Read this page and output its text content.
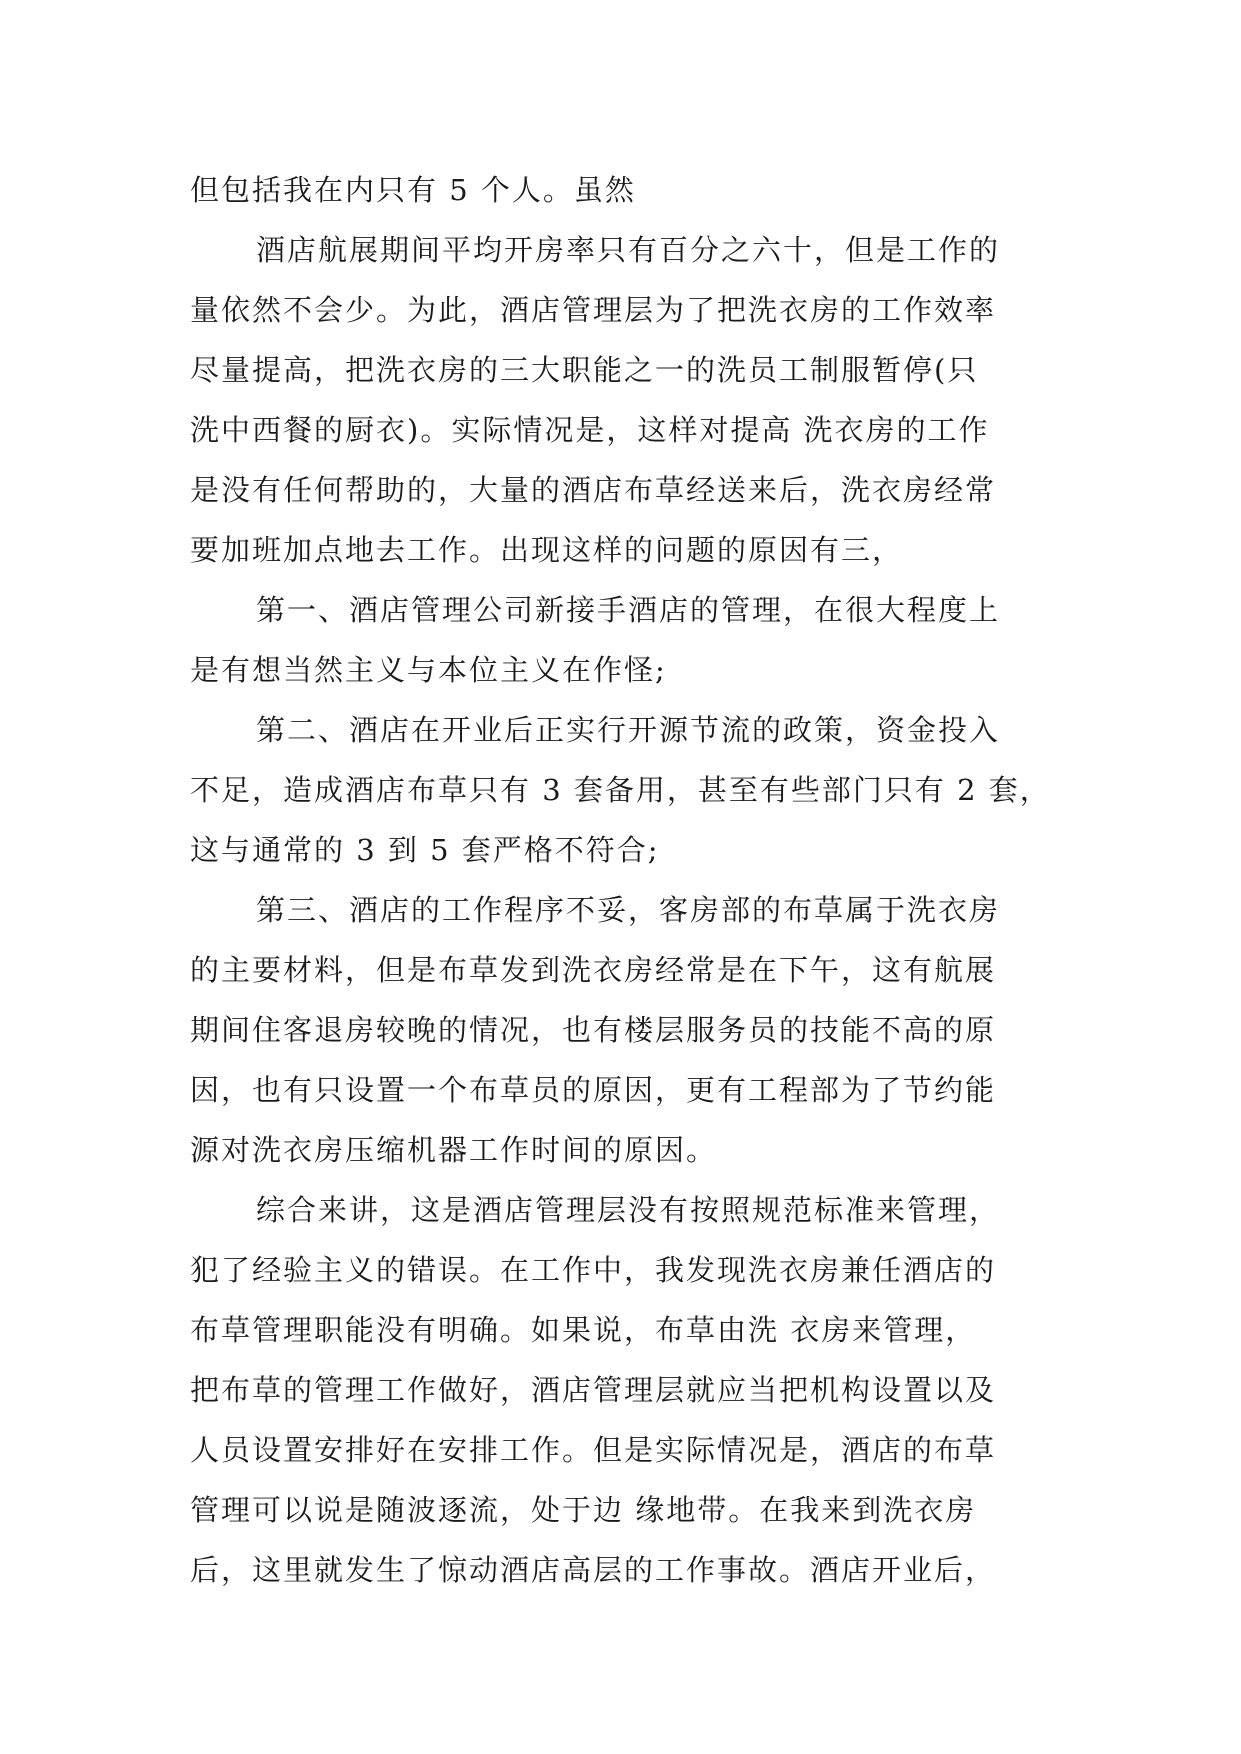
但包括我在内只有 5 个人。虽然
酒店航展期间平均开房率只有百分之六十，但是工作的
量依然不会少。为此，酒店管理层为了把洗衣房的工作效率
尽量提高，把洗衣房的三大职能之一的洗员工制服暂停(只
洗中西餐的厨衣)。实际情况是，这样对提高 洗衣房的工作
是没有任何帮助的，大量的酒店布草经送来后，洗衣房经常
要加班加点地去工作。出现这样的问题的原因有三，
第一、酒店管理公司新接手酒店的管理，在很大程度上
是有想当然主义与本位主义在作怪;
第二、酒店在开业后正实行开源节流的政策，资金投入
不足，造成酒店布草只有 3 套备用，甚至有些部门只有 2 套，
这与通常的 3 到 5 套严格不符合;
第三、酒店的工作程序不妥，客房部的布草属于洗衣房
的主要材料，但是布草发到洗衣房经常是在下午，这有航展
期间住客退房较晚的情况，也有楼层服务员的技能不高的原
因，也有只设置一个布草员的原因，更有工程部为了节约能
源对洗衣房压缩机器工作时间的原因。
综合来讲，这是酒店管理层没有按照规范标准来管理，
犯了经验主义的错误。在工作中，我发现洗衣房兼任酒店的
布草管理职能没有明确。如果说，布草由洗 衣房来管理，
把布草的管理工作做好，酒店管理层就应当把机构设置以及
人员设置安排好在安排工作。但是实际情况是，酒店的布草
管理可以说是随波逐流，处于边 缘地带。在我来到洗衣房
后，这里就发生了惊动酒店高层的工作事故。酒店开业后，
